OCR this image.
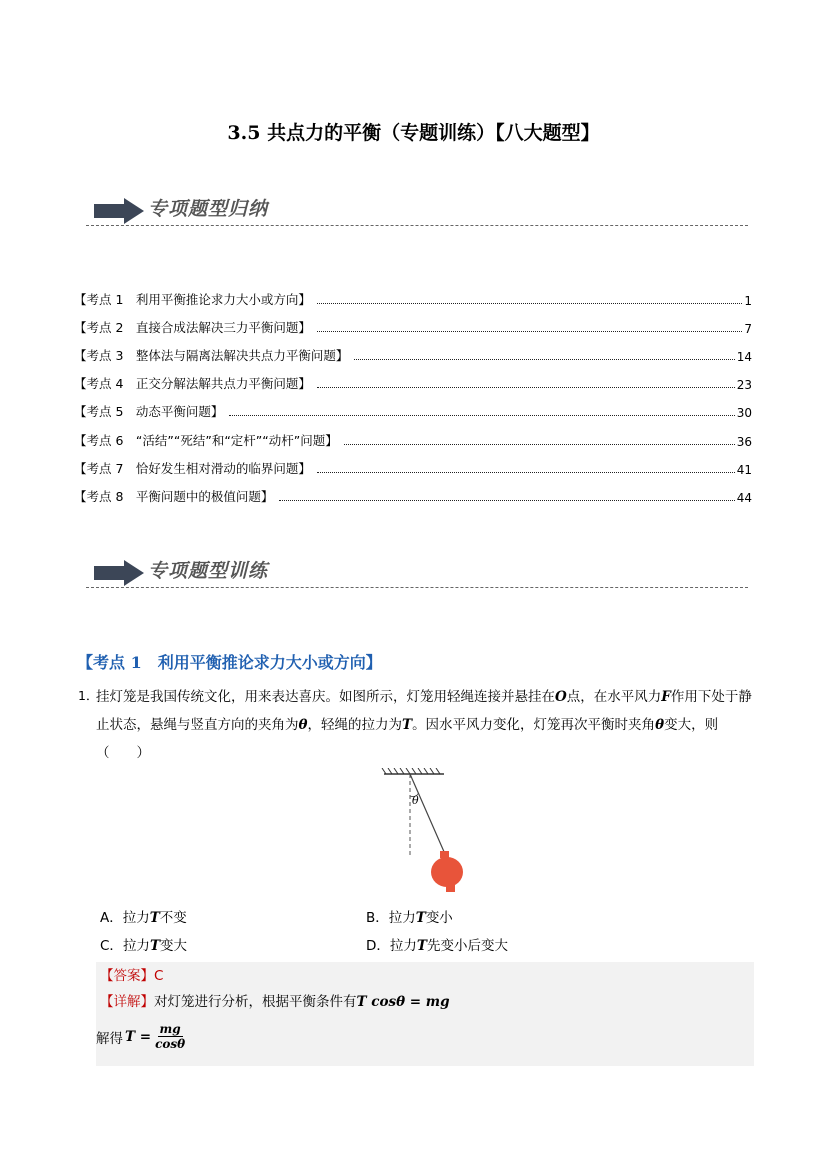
3.5 共点力的平衡（专题训练）【八大题型】
专项题型归纳
【考点 1　利用平衡推论求力大小或方向】	1
【考点 2　直接合成法解决三力平衡问题】	7
【考点 3　整体法与隔离法解决共点力平衡问题】	14
【考点 4　正交分解法解共点力平衡问题】	23
【考点 5　动态平衡问题】	30
【考点 6　“活结”“死结”和“定杆”“动杆”问题】	36
【考点 7　恰好发生相对滑动的临界问题】	41
【考点 8　平衡问题中的极值问题】	44
专项题型训练
【考点 1　利用平衡推论求力大小或方向】
1．
挂灯笼是我国传统文化，用来表达喜庆。如图所示，灯笼用轻绳连接并悬挂在O点，在水平风力F作用下处于静止状态，悬绳与竖直方向的夹角为θ，轻绳的拉力为T。因水平风力变化，灯笼再次平衡时夹角θ变大，则（　　）
θ
A．拉力T不变	B．拉力T变小
C．拉力T变大	D．拉力T先变小后变大
【答案】C
【详解】对灯笼进行分析，根据平衡条件有T cosθ = mg
解得 $T = \frac{mg}{\cos\theta}$
